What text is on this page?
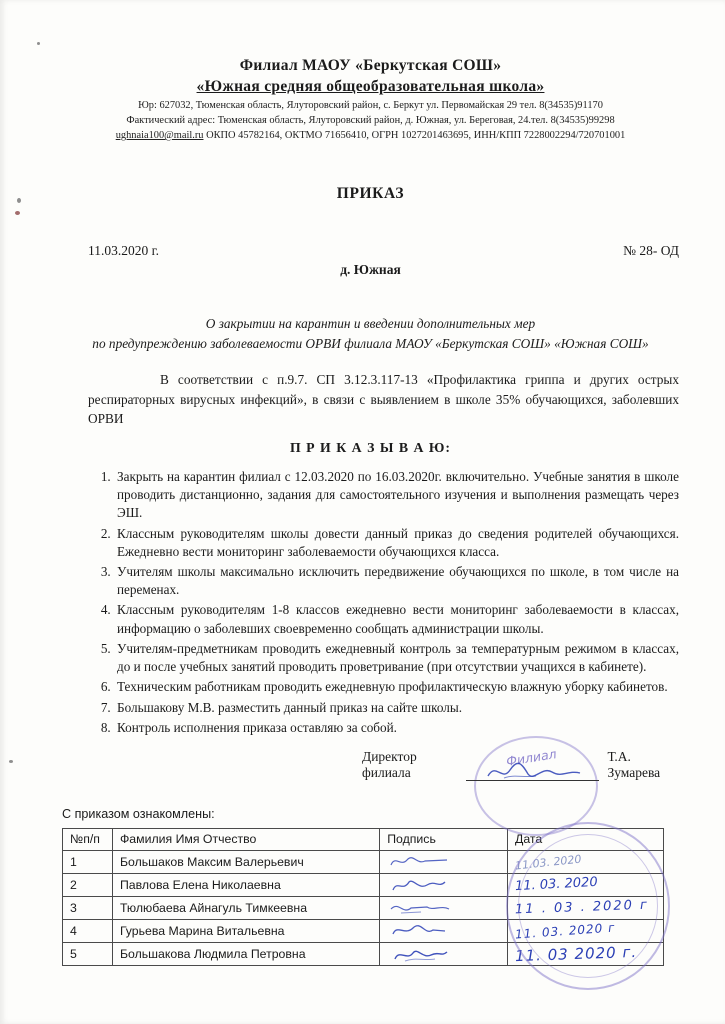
Филиал МАОУ «Беркутская СОШ»
«Южная средняя общеобразовательная школа»
Юр: 627032, Тюменская область, Ялуторовский район, с. Беркут ул. Первомайская 29 тел. 8(34535)91170
Фактический адрес: Тюменская область, Ялуторовский район, д. Южная, ул. Береговая, 24.тел. 8(34535)99298
ughnaia100@mail.ru ОКПО 45782164, ОКТМО 71656410, ОГРН 1027201463695, ИНН/КПП 7228002294/720701001
ПРИКАЗ
11.03.2020 г.	№ 28- ОД
д. Южная
О закрытии на карантин и введении дополнительных мер
по предупреждению заболеваемости ОРВИ филиала МАОУ «Беркутская СОШ» «Южная СОШ»

В соответствии с п.9.7. СП 3.12.3.117-13 «Профилактика гриппа и других острых респираторных вирусных инфекций», в связи с выявлением в школе 35% обучающихся, заболевших ОРВИ

П Р И К А З Ы В А Ю:
1. Закрыть на карантин филиал с 12.03.2020 по 16.03.2020г. включительно. Учебные занятия в школе проводить дистанционно, задания для самостоятельного изучения и выполнения размещать через ЭШ.
2. Классным руководителям школы довести данный приказ до сведения родителей обучающихся. Ежедневно вести мониторинг заболеваемости обучающихся класса.
3. Учителям школы максимально исключить передвижение обучающихся по школе, в том числе на переменах.
4. Классным руководителям 1-8 классов ежедневно вести мониторинг заболеваемости в классах, информацию о заболевших своевременно сообщать администрации школы.
5. Учителям-предметникам проводить ежедневный контроль за температурным режимом в классах, до и после учебных занятий проводить проветривание (при отсутствии учащихся в кабинете).
6. Техническим работникам проводить ежедневную профилактическую влажную уборку кабинетов.
7. Большакову М.В. разместить данный приказ на сайте школы.
8. Контроль исполнения приказа оставляю за собой.
Директор филиала
Т.А. Зумарева
С приказом ознакомлены:
№п/п	Фамилия Имя Отчество	Подпись	Дата
1	Большаков Максим Валерьевич		11.03. 2020
2	Павлова Елена Николаевна		11. 03. 2020
3	Тюлюбаева Айнагуль Тимкеевна		11 . 03 . 2020 г
4	Гурьева Марина Витальевна		11. 03. 2020 г
5	Большакова Людмила Петровна		11. 03 2020 г.
Филиал
